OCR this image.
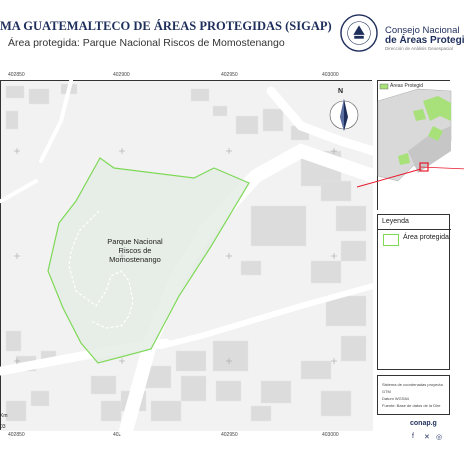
MA GUATEMALTECO DE ÁREAS PROTEGIDAS (SIGAP)
Área protegida: Parque Nacional Riscos de Momostenango
Consejo Nacional
de Áreas Protegi
Dirección de Análisis Geoespacial
402850	402900	402950	403000
402850	402900	402950	403000
N
Parque Nacional Riscos de Momostenango
Áreas Protegid
Leyenda
Área protegida
Sistema de coordenadas proyecta
GTM
Datum WGS84
Fuente: Base de datos de la Dire
Km
03	conap.g
f ✕ ◎
